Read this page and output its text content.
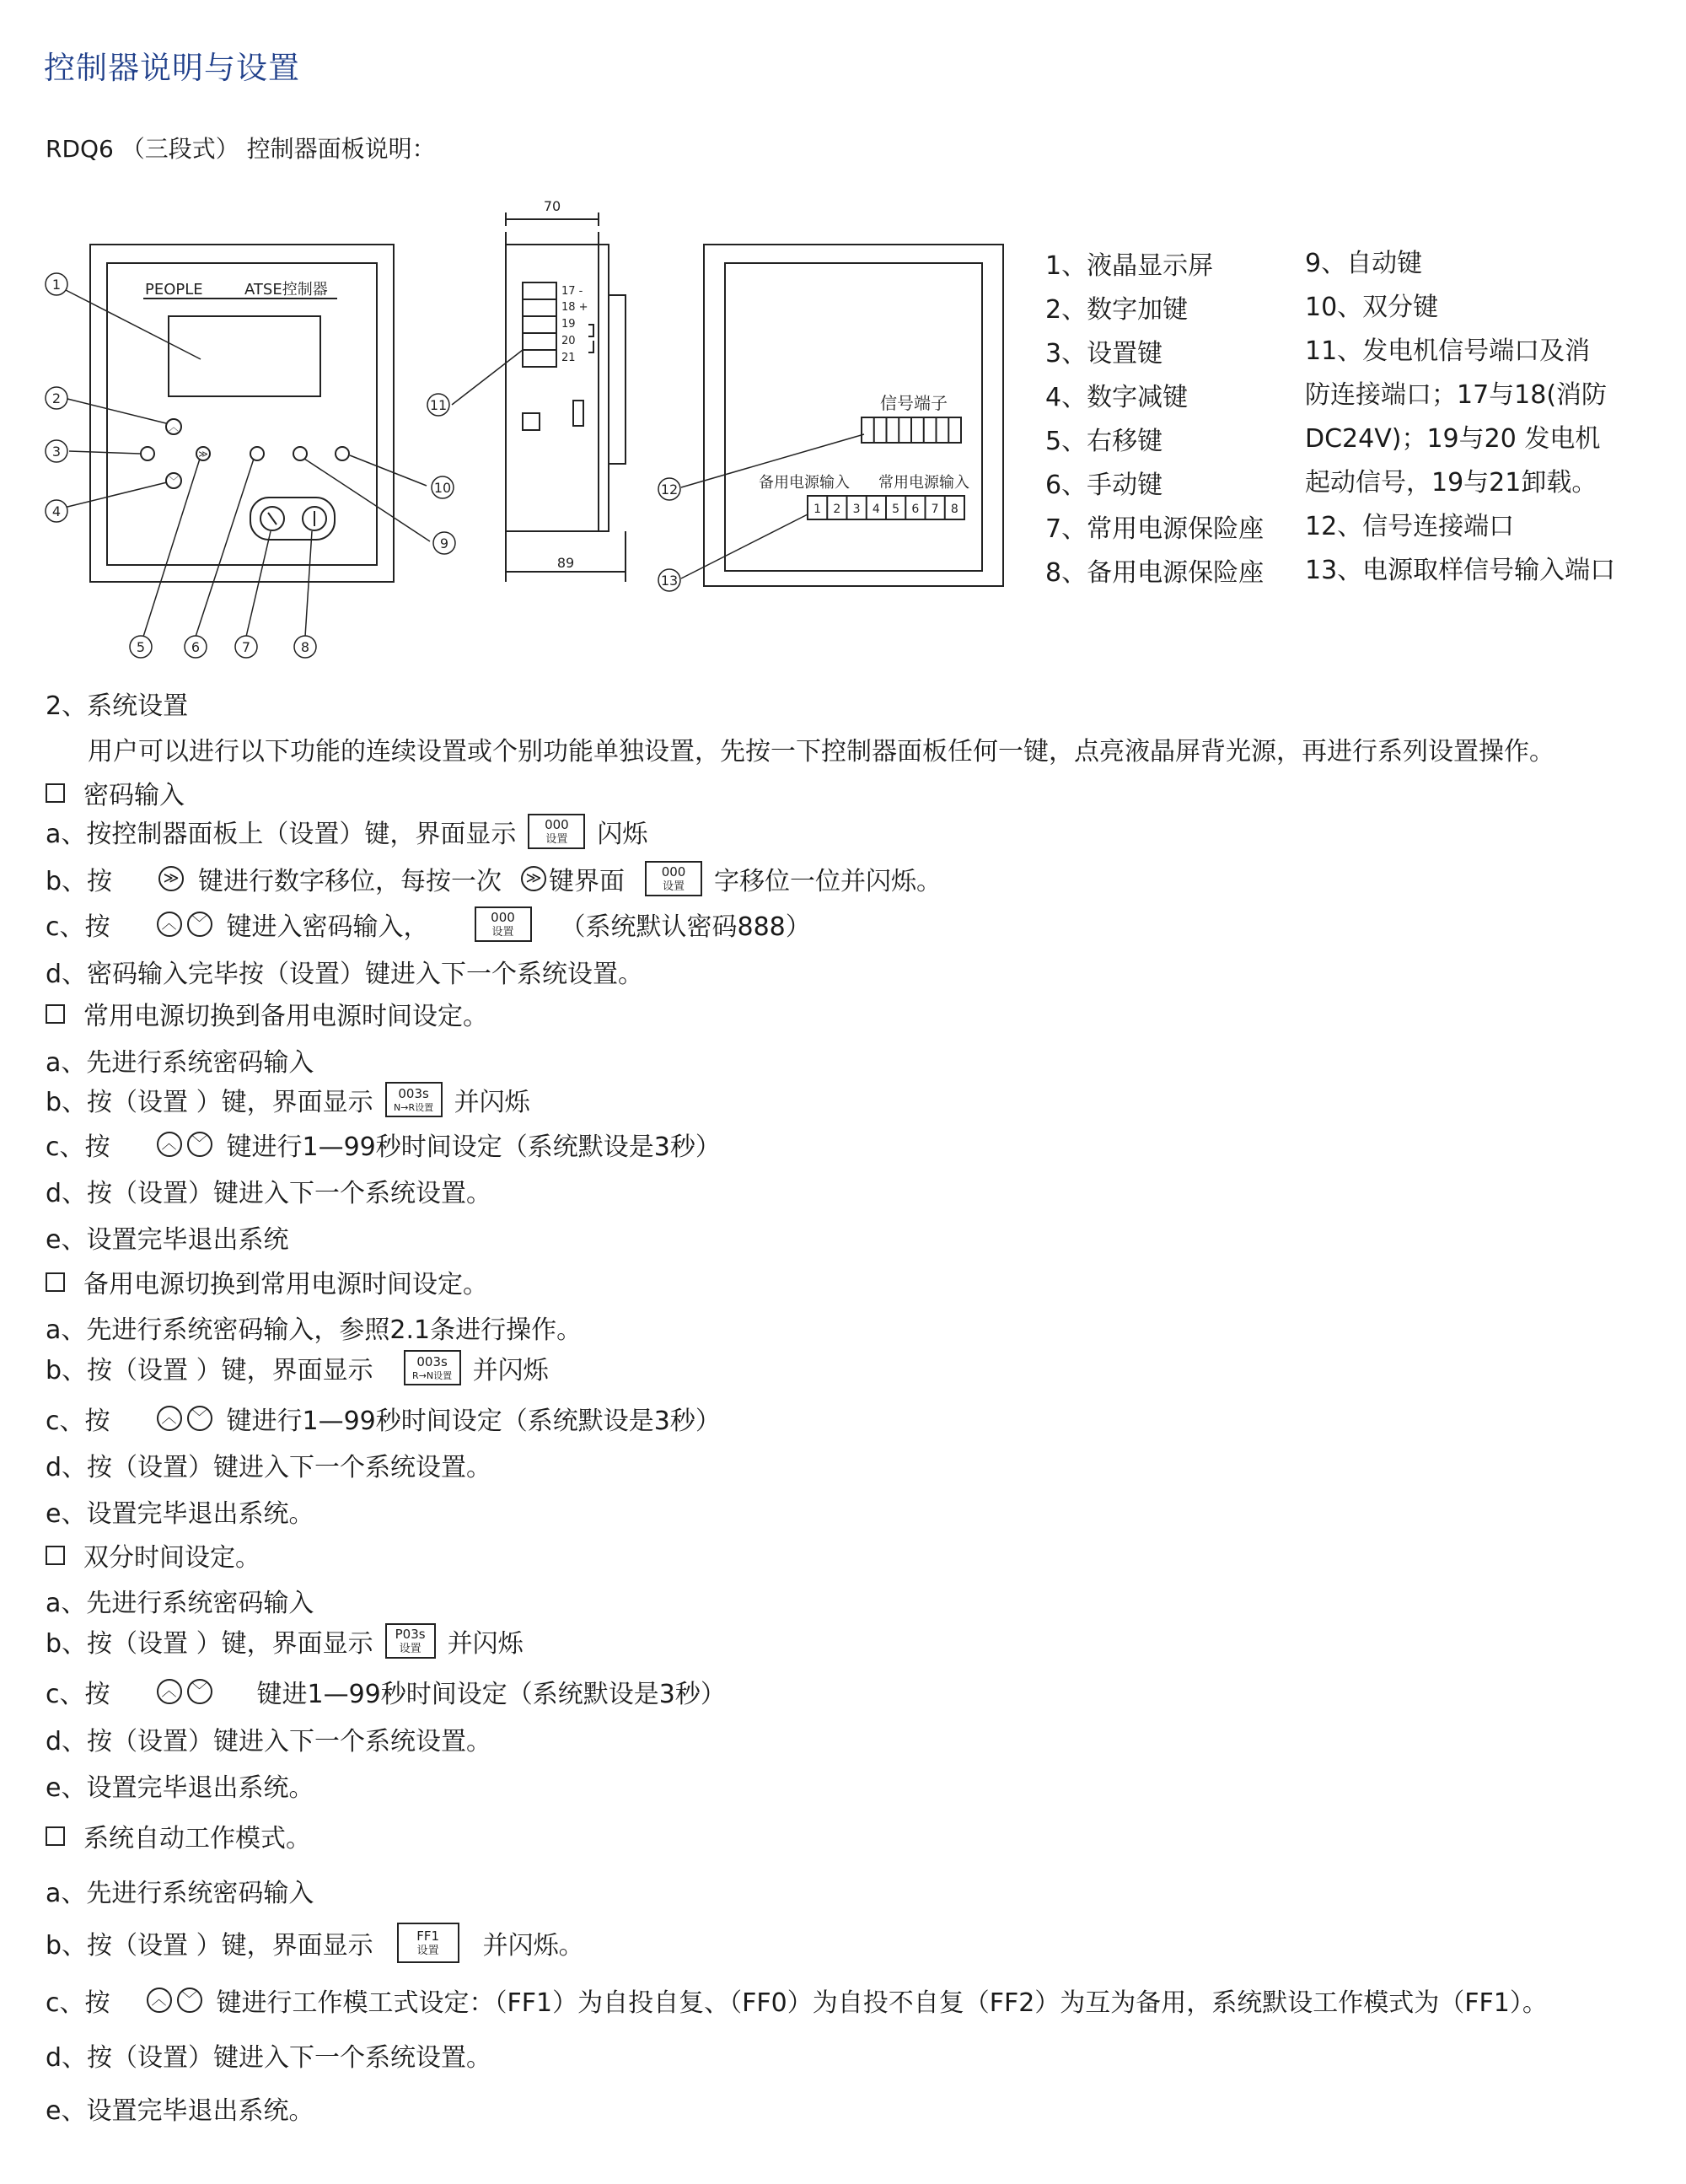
控制器说明与设置
RDQ6 （三段式） 控制器面板说明：
1
2
3
4
5	6	7	8
9
10
11
12
13
︿
﹀
≫
PEOPLE	ATSE控制器
70
89
17 -
18 +
19
20
21
信号端子
备用电源输入 常用电源输入
1 2 3 4 5 6 7 8
1、液晶显示屏
2、数字加键
3、设置键
4、数字减键
5、右移键
6、手动键
7、常用电源保险座
8、备用电源保险座
9、自动键
10、双分键
11、发电机信号端口及消
防连接端口；17与18(消防
DC24V)；19与20 发电机
起动信号，19与21卸载。
12、信号连接端口
13、电源取样信号输入端口
2、系统设置
用户可以进行以下功能的连续设置或个别功能单独设置，先按一下控制器面板任何一键，点亮液晶屏背光源，再进行系列设置操作。
密码输入
a、按控制器面板上（设置）键，界面显示 000
设置 闪烁
b、按	≫ 键进行数字移位，每按一次	≫ 键界面	000
设置 字移位一位并闪烁。
c、按	︿	﹀ 键进入密码输入，	000
设置 （系统默认密码888）
d、密码输入完毕按（设置）键进入下一个系统设置。
常用电源切换到备用电源时间设定。
a、先进行系统密码输入
b、按（设置 ）键，界面显示 003s
N→R设置 并闪烁
c、按	︿	﹀ 键进行1—99秒时间设定（系统默设是3秒）
d、按（设置）键进入下一个系统设置。
e、设置完毕退出系统
备用电源切换到常用电源时间设定。
a、先进行系统密码输入，参照2.1条进行操作。
b、按（设置 ）键，界面显示	003s
R→N设置 并闪烁
c、按	︿	﹀ 键进行1—99秒时间设定（系统默设是3秒）
d、按（设置）键进入下一个系统设置。
e、设置完毕退出系统。
双分时间设定。
a、先进行系统密码输入
b、按（设置 ）键，界面显示 P03s
设置 并闪烁
c、按	︿	﹀ 键进1—99秒时间设定（系统默设是3秒）
d、按（设置）键进入下一个系统设置。
e、设置完毕退出系统。
系统自动工作模式。
a、先进行系统密码输入
b、按（设置 ）键，界面显示	FF1
设置 并闪烁。
c、按	︿	﹀ 键进行工作模工式设定：（FF1）为自投自复、（FF0）为自投不自复（FF2）为互为备用，系统默设工作模式为（FF1）。
d、按（设置）键进入下一个系统设置。
e、设置完毕退出系统。
